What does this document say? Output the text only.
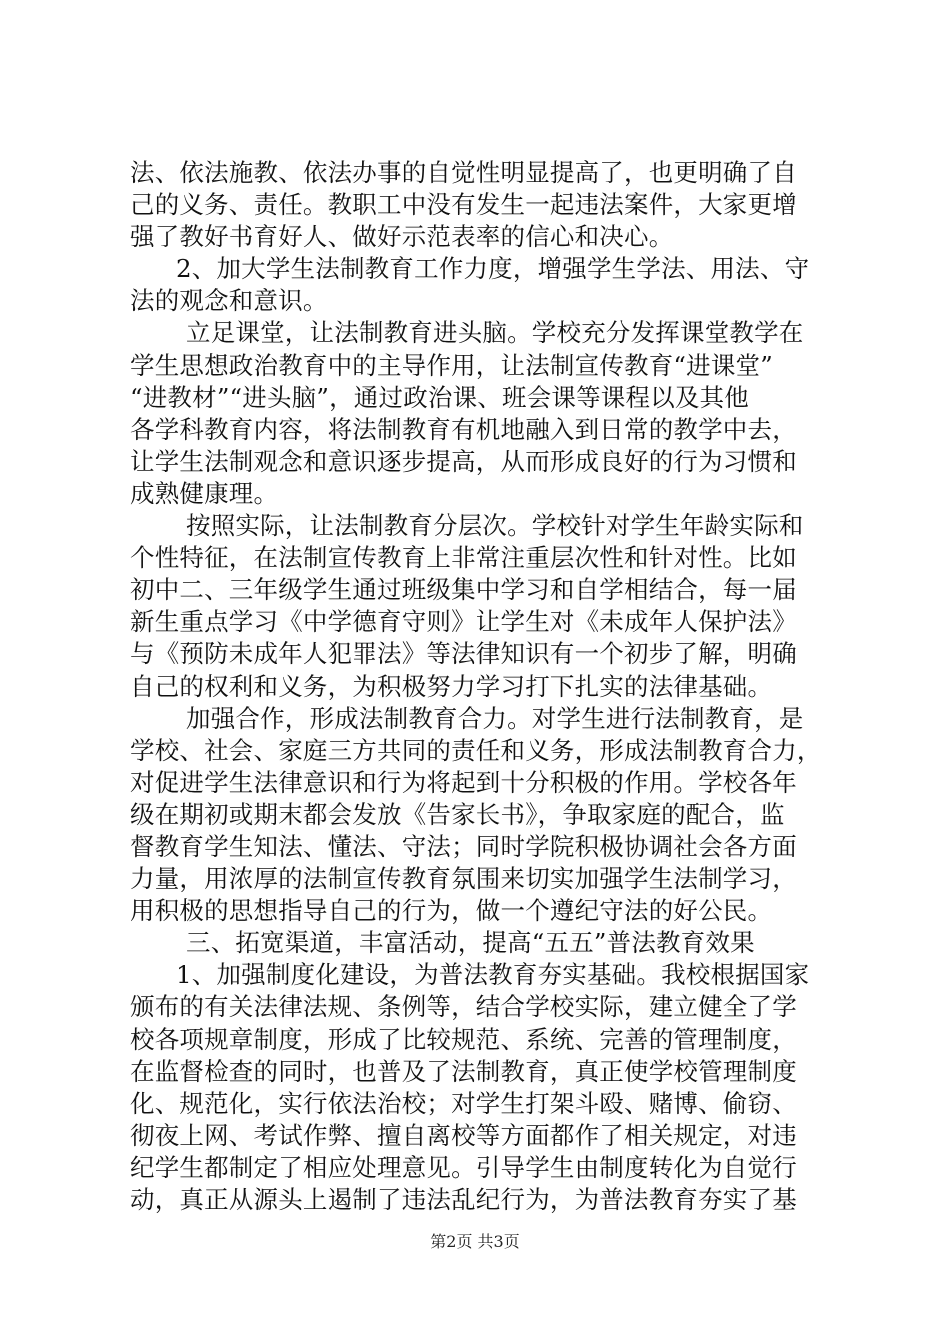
法、依法施教、依法办事的自觉性明显提高了，也更明确了自
己的义务、责任。教职工中没有发生一起违法案件，大家更增
强了教好书育好人、做好示范表率的信心和决心。
2、加大学生法制教育工作力度，增强学生学法、用法、守
法的观念和意识。
立足课堂，让法制教育进头脑。学校充分发挥课堂教学在
学生思想政治教育中的主导作用，让法制宣传教育“进课堂”
“进教材”“进头脑”，通过政治课、班会课等课程以及其他
各学科教育内容，将法制教育有机地融入到日常的教学中去，
让学生法制观念和意识逐步提高，从而形成良好的行为习惯和
成熟健康理。
按照实际，让法制教育分层次。学校针对学生年龄实际和
个性特征，在法制宣传教育上非常注重层次性和针对性。比如
初中二、三年级学生通过班级集中学习和自学相结合，每一届
新生重点学习《中学德育守则》让学生对《未成年人保护法》
与《预防未成年人犯罪法》等法律知识有一个初步了解，明确
自己的权利和义务，为积极努力学习打下扎实的法律基础。
加强合作，形成法制教育合力。对学生进行法制教育，是
学校、社会、家庭三方共同的责任和义务，形成法制教育合力，
对促进学生法律意识和行为将起到十分积极的作用。学校各年
级在期初或期末都会发放《告家长书》，争取家庭的配合，监
督教育学生知法、懂法、守法；同时学院积极协调社会各方面
力量，用浓厚的法制宣传教育氛围来切实加强学生法制学习，
用积极的思想指导自己的行为，做一个遵纪守法的好公民。
三、拓宽渠道，丰富活动，提高“五五”普法教育效果
1、加强制度化建设，为普法教育夯实基础。我校根据国家
颁布的有关法律法规、条例等，结合学校实际，建立健全了学
校各项规章制度，形成了比较规范、系统、完善的管理制度，
在监督检查的同时，也普及了法制教育，真正使学校管理制度
化、规范化，实行依法治校；对学生打架斗殴、赌博、偷窃、
彻夜上网、考试作弊、擅自离校等方面都作了相关规定，对违
纪学生都制定了相应处理意见。引导学生由制度转化为自觉行
动，真正从源头上遏制了违法乱纪行为，为普法教育夯实了基
第2页 共3页
